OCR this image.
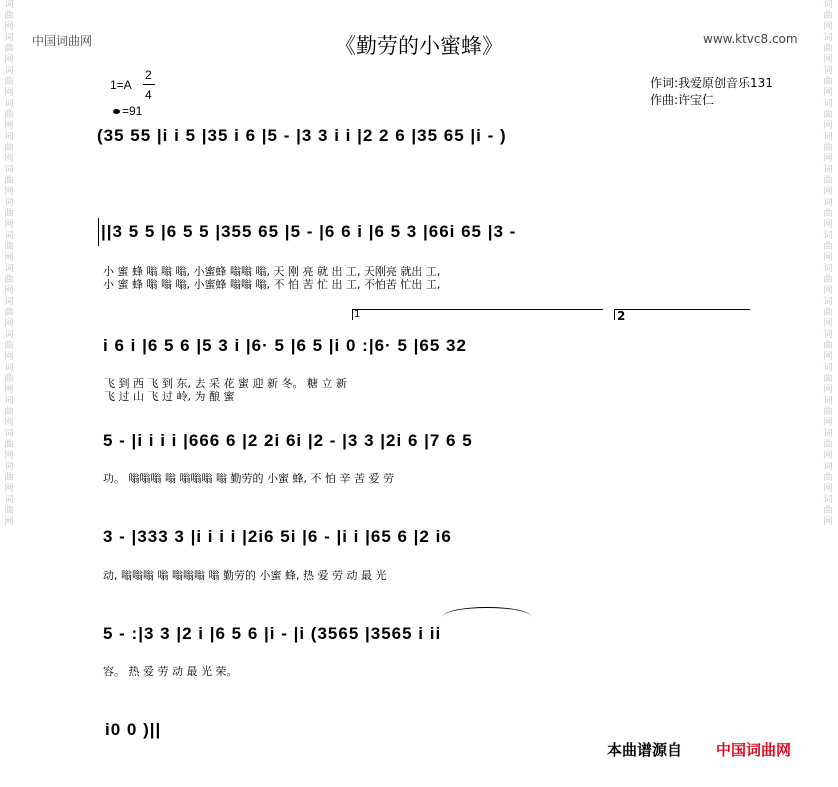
中国词曲网	www.ktvc8.com
《勤劳的小蜜蜂》
1=A
2
4
=91
作词:我爱原创音乐131
作曲:许宝仁
词曲网词曲网词曲网词曲网词曲网词曲网词曲网词曲网词曲网词曲网词曲网词曲网词曲网词曲网词曲网词曲网
词曲网词曲网词曲网词曲网词曲网词曲网词曲网词曲网词曲网词曲网词曲网词曲网词曲网词曲网词曲网词曲网
(35 55 |i i 5 |35 i 6 |5 - |3 3 i i |2 2 6 |35 65 |i - )
||3 5 5 |6 5 5 |355 65 |5 - |6 6 i |6 5 3 |66i 65 |3 -
小 蜜 蜂 嗡 嗡 嗡, 小蜜蜂 嗡嗡 嗡, 天 刚 亮 就 出 工, 天刚亮 就出 工,
小 蜜 蜂 嗡 嗡 嗡, 小蜜蜂 嗡嗡 嗡, 不 怕 苦 忙 出 工, 不怕苦 忙出 工,
1	2
i 6 i |6 5 6 |5 3 i |6· 5 |6 5 |i 0 :|6· 5 |65 32
飞 到 西 飞 到 东, 去 采 花 蜜 迎 新 冬。 糖 立 新
飞 过 山 飞 过 岭, 为 酿 蜜
5 - |i i i i |666 6 |2 2i 6i |2 - |3 3 |2i 6 |7 6 5
功。 嗡嗡嗡 嗡 嗡嗡嗡 嗡 勤劳的 小蜜 蜂, 不 怕 辛 苦 爱 劳
3 - |333 3 |i i i i |2i6 5i |6 - |i i |65 6 |2 i6
动, 嗡嗡嗡 嗡 嗡嗡嗡 嗡 勤劳的 小蜜 蜂, 热 爱 劳 动 最 光
5 - :|3 3 |2 i |6 5 6 |i - |i (3565 |3565 i ii
容。 热 爱 劳 动 最 光 荣。
i0 0 )||
本曲谱源自 中国词曲网
